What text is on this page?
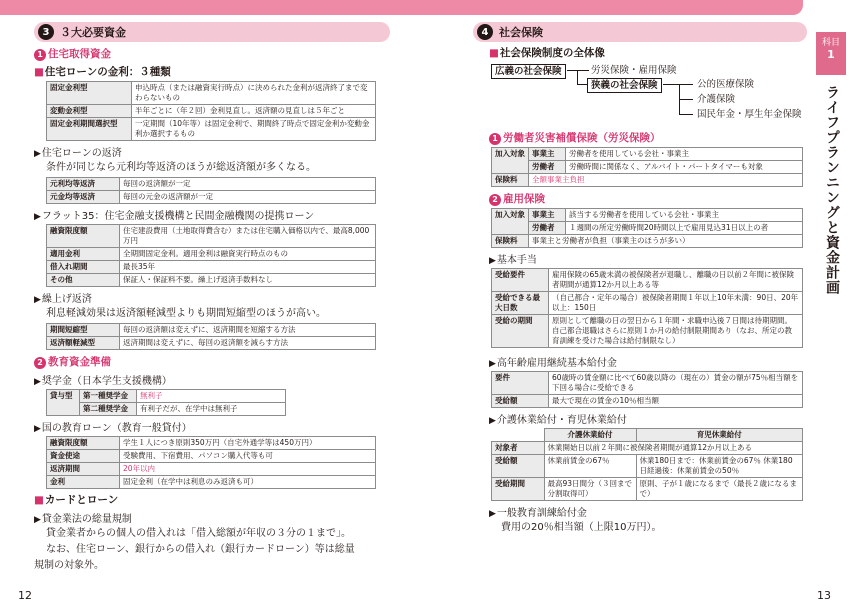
科目
1
ライフプランニングと資金計画
3 ３大必要資金
1 住宅取得資金
■ 住宅ローンの金利：３種類
固定金利型	申込時点（または融資実行時点）に決められた金利が返済終了まで変わらないもの
変動金利型	半年ごとに（年２回）金利見直し。返済額の見直しは５年ごと
固定金利期間選択型	一定期間（10年等）は固定金利で、期間終了時点で固定金利か変動金利か選択するもの
▶ 住宅ローンの返済
条件が同じなら元利均等返済のほうが総返済額が多くなる。
元利均等返済	毎回の返済額が一定
元金均等返済	毎回の元金の返済額が一定
▶ フラット35：住宅金融支援機構と民間金融機関の提携ローン
融資限度額	住宅建設費用（土地取得費含む）または住宅購入価格以内で、最高8,000万円
適用金利	全期間固定金利。適用金利は融資実行時点のもの
借入れ期間	最長35年
その他	保証人・保証料不要。繰上げ返済手数料なし
▶ 繰上げ返済
利息軽減効果は返済額軽減型よりも期間短縮型のほうが高い。
期間短縮型	毎回の返済額は変えずに、返済期間を短縮する方法
返済額軽減型	返済期間は変えずに、毎回の返済額を減らす方法
2 教育資金準備
▶ 奨学金（日本学生支援機構）
貸与型	第一種奨学金	無利子
	第二種奨学金	有利子だが、在学中は無利子
▶ 国の教育ローン（教育一般貸付）
融資限度額	学生１人につき原則350万円（自宅外通学等は450万円）
資金使途	受験費用、下宿費用、パソコン購入代等も可
返済期間	20年以内
金利	固定金利（在学中は利息のみ返済も可）
■ カードとローン
▶ 貸金業法の総量規制
貸金業者からの個人の借入れは「借入総額が年収の３分の１まで」。
なお、住宅ローン、銀行からの借入れ（銀行カードローン）等は総量
規制の対象外。
12
4 社会保険
■ 社会保険制度の全体像
広義の社会保険	労災保険・雇用保険
狭義の社会保険	公的医療保険
介護保険
国民年金・厚生年金保険
1 労働者災害補償保険（労災保険）
加入対象	事業主	労働者を使用している会社・事業主
	労働者	労働時間に関係なく、アルバイト・パートタイマーも対象
保険料	全額事業主負担	
2 雇用保険
加入対象	事業主	該当する労働者を使用している会社・事業主
	労働者	１週間の所定労働時間20時間以上で雇用見込31日以上の者
保険料	事業主と労働者が負担（事業主のほうが多い）	
▶ 基本手当
受給要件	雇用保険の65歳未満の被保険者が退職し、離職の日以前２年間に被保険者期間が通算12か月以上ある等
受給できる最大日数	（自己都合・定年の場合）被保険者期間１年以上10年未満：90日、20年以上：150日
受給の期間	原則として離職の日の翌日から１年間・求職申込後７日間は待期期間。自己都合退職はさらに原則１か月の給付制限期間あり（なお、所定の教育訓練を受けた場合は給付制限なし）
▶ 高年齢雇用継続基本給付金
要件	60歳時の賃金額に比べて60歳以降の（現在の）賃金の額が75％相当額を下回る場合に受給できる
受給額	最大で現在の賃金の10％相当額
▶ 介護休業給付・育児休業給付
	介護休業給付	育児休業給付
対象者	休業開始日以前２年間に被保険者期間が通算12か月以上ある	
受給額	休業前賃金の67％	休業180日まで：休業前賃金の67％ 休業180日経過後：休業前賃金の50％
受給期間	最高93日間分（３回まで分割取得可）	原則、子が１歳になるまで（最長２歳になるまで）
▶ 一般教育訓練給付金
費用の20％相当額（上限10万円）。
13
